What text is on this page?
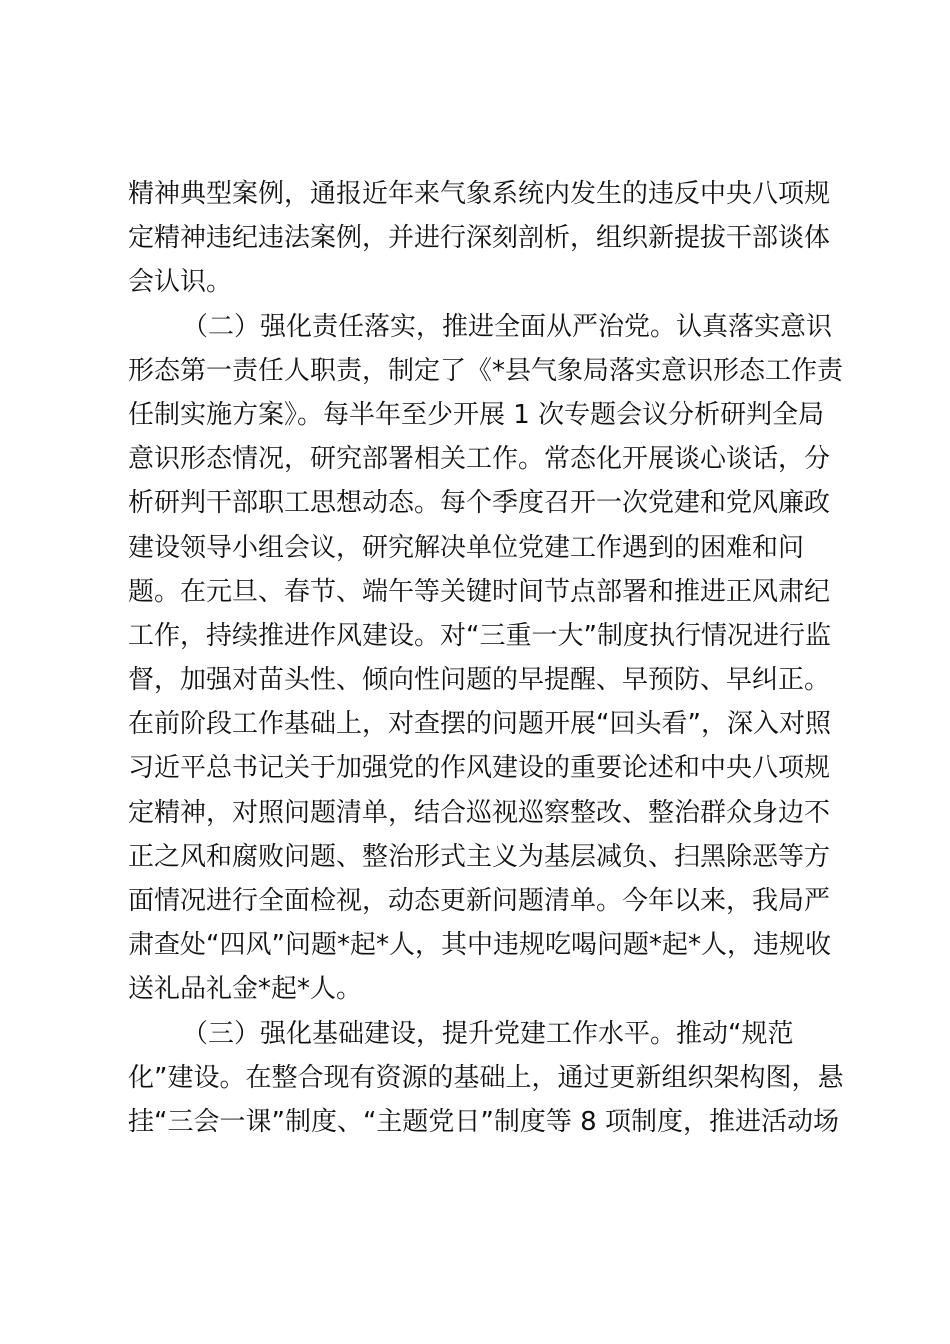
精神典型案例，通报近年来气象系统内发生的违反中央八项规
定精神违纪违法案例，并进行深刻剖析，组织新提拔干部谈体
会认识。
（二）强化责任落实，推进全面从严治党。认真落实意识
形态第一责任人职责，制定了《*县气象局落实意识形态工作责
任制实施方案》。每半年至少开展 1 次专题会议分析研判全局
意识形态情况，研究部署相关工作。常态化开展谈心谈话，分
析研判干部职工思想动态。每个季度召开一次党建和党风廉政
建设领导小组会议，研究解决单位党建工作遇到的困难和问
题。在元旦、春节、端午等关键时间节点部署和推进正风肃纪
工作，持续推进作风建设。对“三重一大”制度执行情况进行监
督，加强对苗头性、倾向性问题的早提醒、早预防、早纠正。
在前阶段工作基础上，对查摆的问题开展“回头看”，深入对照
习近平总书记关于加强党的作风建设的重要论述和中央八项规
定精神，对照问题清单，结合巡视巡察整改、整治群众身边不
正之风和腐败问题、整治形式主义为基层减负、扫黑除恶等方
面情况进行全面检视，动态更新问题清单。今年以来，我局严
肃查处“四风”问题*起*人，其中违规吃喝问题*起*人，违规收
送礼品礼金*起*人。
（三）强化基础建设，提升党建工作水平。推动“规范
化”建设。在整合现有资源的基础上，通过更新组织架构图，悬
挂“三会一课”制度、“主题党日”制度等 8 项制度，推进活动场
